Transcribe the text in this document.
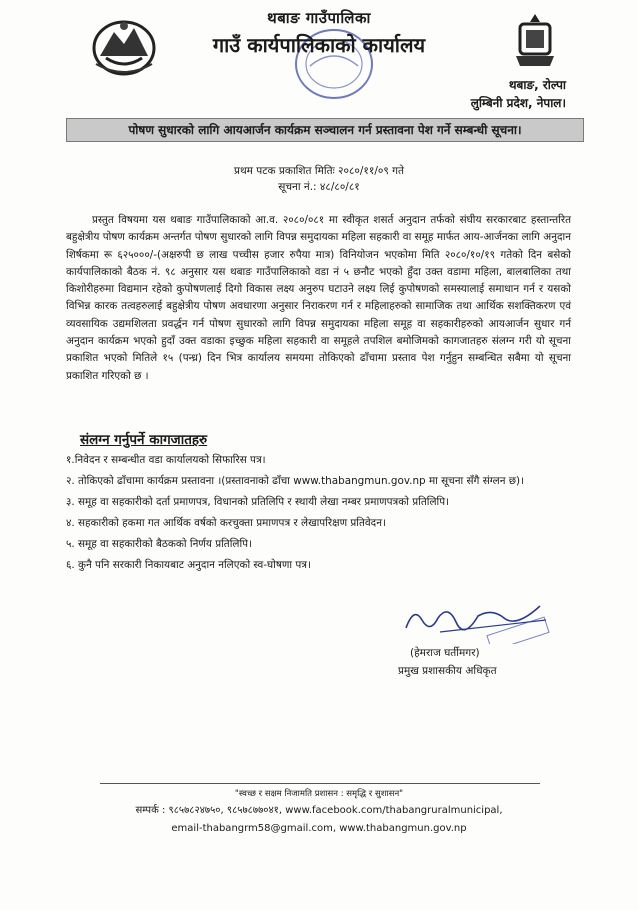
थबाङ गाउँपालिका
गाउँ कार्यपालिकाको कार्यालय
थबाङ, रोल्पा
लुम्बिनी प्रदेश, नेपाल।
पोषण सुधारको लागि आयआर्जन कार्यक्रम सञ्चालन गर्न प्रस्तावना पेश गर्ने सम्बन्धी सूचना।
प्रथम पटक प्रकाशित मितिः २०८०/११/०९ गते
सूचना नं.: ४८/८०/८१
प्रस्तुत विषयमा यस थबाङ गाउँपालिकाको आ.व. २०८०/०८१ मा स्वीकृत शसर्त अनुदान तर्फको संघीय सरकारबाट हस्तान्तरित बहुक्षेत्रीय पोषण कार्यक्रम अन्तर्गत पोषण सुधारको लागि विपन्न समुदायका महिला सहकारी वा समूह मार्फत आय-आर्जनका लागि अनुदान शिर्षकमा रू ६२५०००/-(अक्षरुपी छ लाख पच्चीस हजार रुपैया मात्र) विनियोजन भएकोमा मिति २०८०/१०/१९ गतेको दिन बसेको कार्यपालिकाको बैठक नं. ९८ अनुसार यस थबाङ गाउँपालिकाको वडा नं ५ छनौट भएको हुँदा उक्त वडामा महिला, बालबालिका तथा किशोरीहरुमा विद्यमान रहेको कुपोषणलाई दिगो विकास लक्ष्य अनुरुप घटाउने लक्ष्य लिई कुपोषणको समस्यालाई समाधान गर्न र यसको विभिन्न कारक तत्वहरुलाई बहुक्षेत्रीय पोषण अवधारणा अनुसार निराकरण गर्न र महिलाहरुको सामाजिक तथा आर्थिक सशक्तिकरण एवं व्यवसायिक उद्यमशिलता प्रवर्द्धन गर्न पोषण सुधारको लागि विपन्न समुदायका महिला समूह वा सहकारीहरुको आयआर्जन सुधार गर्न अनुदान कार्यक्रम भएको हुदाँ उक्त वडाका इच्छुक महिला सहकारी वा समूहले तपशिल बमोजिमको कागजातहरु संलग्न गरी यो सूचना प्रकाशित भएको मितिले १५ (पन्ध्र) दिन भित्र कार्यालय समयमा तोकिएको ढाँचामा प्रस्ताव पेश गर्नुहुन सम्बन्धित सबैमा यो सूचना प्रकाशित गरिएको छ ।
संलग्न गर्नुपर्ने कागजातहरु
१.निवेदन र सम्बन्धीत वडा कार्यालयको सिफारिस पत्र।
२. तोकिएको ढाँचामा कार्यक्रम प्रस्तावना ।(प्रस्तावनाको ढाँचा www.thabangmun.gov.np मा सूचना सँगै संग्लन छ)।
३. समूह वा सहकारीको दर्ता प्रमाणपत्र, विधानको प्रतिलिपि र स्थायी लेखा नम्बर प्रमाणपत्रको प्रतिलिपि।
४. सहकारीको हकमा गत आर्थिक वर्षको करचुक्ता प्रमाणपत्र र लेखापरिक्षण प्रतिवेदन।
५. समूह वा सहकारीको बैठकको निर्णय प्रतिलिपि।
६. कुनै पनि सरकारी निकायबाट अनुदान नलिएको स्व-घोषणा पत्र।
(हेमराज घर्तीमगर)
प्रमुख प्रशासकीय अधिकृत
"स्वच्छ र सक्षम निजामति प्रशासन : समृद्धि र सुशासन"
सम्पर्क : ९८५७८२४७५०, ९८५७८७७०४१, www.facebook.com/thabangruralmunicipal,
email-thabangrm58@gmail.com, www.thabangmun.gov.np
